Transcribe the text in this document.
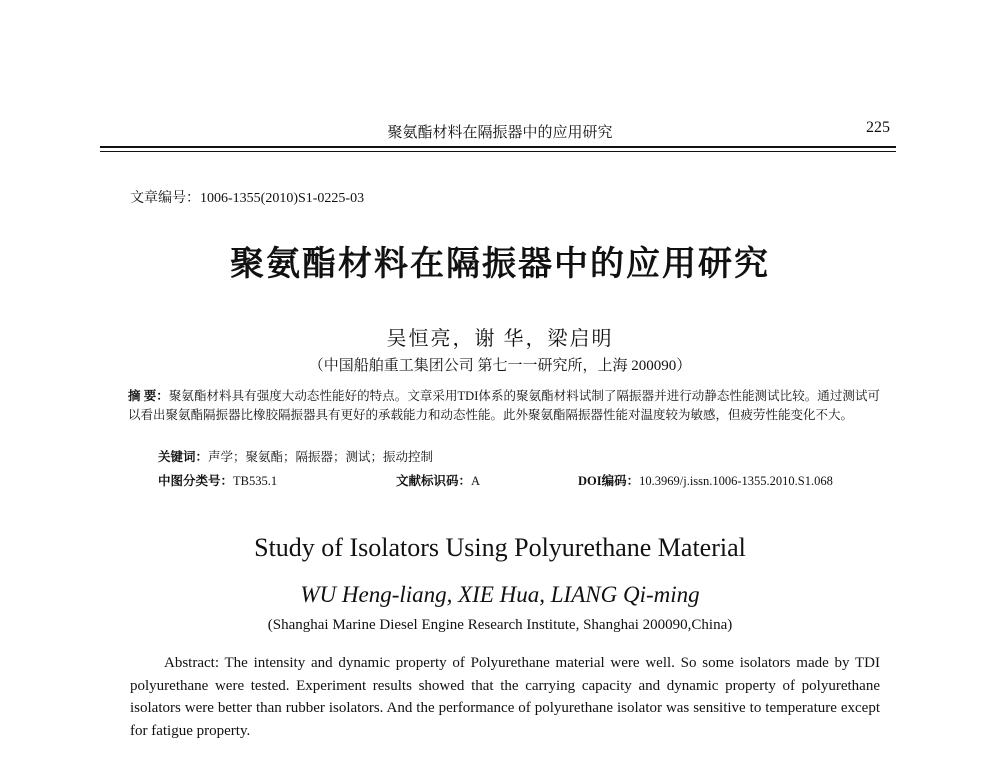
聚氨酯材料在隔振器中的应用研究	225
文章编号：1006-1355(2010)S1-0225-03
聚氨酯材料在隔振器中的应用研究
吴恒亮，谢 华，梁启明
（中国船舶重工集团公司 第七一一研究所，上海 200090）
摘 要：聚氨酯材料具有强度大动态性能好的特点。文章采用TDI体系的聚氨酯材料试制了隔振器并进行动静态性能测试比较。通过测试可以看出聚氨酯隔振器比橡胶隔振器具有更好的承载能力和动态性能。此外聚氨酯隔振器性能对温度较为敏感，但疲劳性能变化不大。
关键词：声学；聚氨酯；隔振器；测试；振动控制
中图分类号：TB535.1	文献标识码：A	DOI编码：10.3969/j.issn.1006-1355.2010.S1.068
Study of Isolators Using Polyurethane Material
WU Heng-liang, XIE Hua, LIANG Qi-ming
(Shanghai Marine Diesel Engine Research Institute, Shanghai 200090,China)
Abstract: The intensity and dynamic property of Polyurethane material were well. So some isolators made by TDI polyurethane were tested. Experiment results showed that the carrying capacity and dynamic property of polyurethane isolators were better than rubber isolators. And the performance of polyurethane isolator was sensitive to temperature except for fatigue property.
